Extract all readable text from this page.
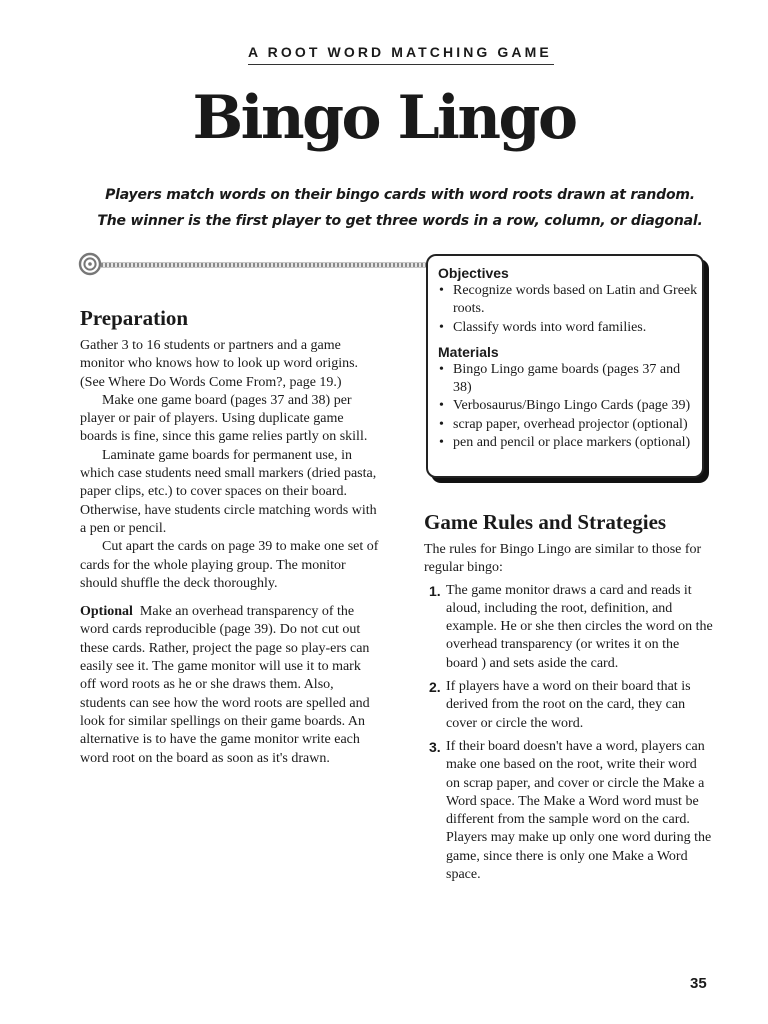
A ROOT WORD MATCHING GAME
Bingo Lingo

Players match words on their bingo cards with word roots drawn at random.

The winner is the first player to get three words in a row, column, or diagonal.

Preparation

Gather 3 to 16 students or partners and a game monitor who knows how to look up word origins. (See Where Do Words Come From?, page 19.)

Make one game board (pages 37 and 38) per player or pair of players. Using duplicate game boards is fine, since this game relies partly on skill.

Laminate game boards for permanent use, in which case students need small markers (dried pasta, paper clips, etc.) to cover spaces on their board. Otherwise, have students circle matching words with a pen or pencil.

Cut apart the cards on page 39 to make one set of cards for the whole playing group. The monitor should shuffle the deck thoroughly.

Optional Make an overhead transparency of the word cards reproducible (page 39). Do not cut out these cards. Rather, project the page so play-ers can easily see it. The game monitor will use it to mark off word roots as he or she draws them. Also, students can see how the word roots are spelled and look for similar spellings on their game boards. An alternative is to have the game monitor write each word root on the board as soon as it's drawn.

Objectives
• Recognize words based on Latin and Greek roots.
• Classify words into word families.
Materials
• Bingo Lingo game boards (pages 37 and 38)
• Verbosaurus/Bingo Lingo Cards (page 39)
• scrap paper, overhead projector (optional)
• pen and pencil or place markers (optional)
Game Rules and Strategies

The rules for Bingo Lingo are similar to those for regular bingo:

1. The game monitor draws a card and reads it aloud, including the root, definition, and example. He or she then circles the word on the overhead transparency (or writes it on the board ) and sets aside the card.
2. If players have a word on their board that is derived from the root on the card, they can cover or circle the word.
3. If their board doesn't have a word, players can make one based on the root, write their word on scrap paper, and cover or circle the Make a Word space. The Make a Word word must be different from the sample word on the card. Players may make up only one word during the game, since there is only one Make a Word space.
35
